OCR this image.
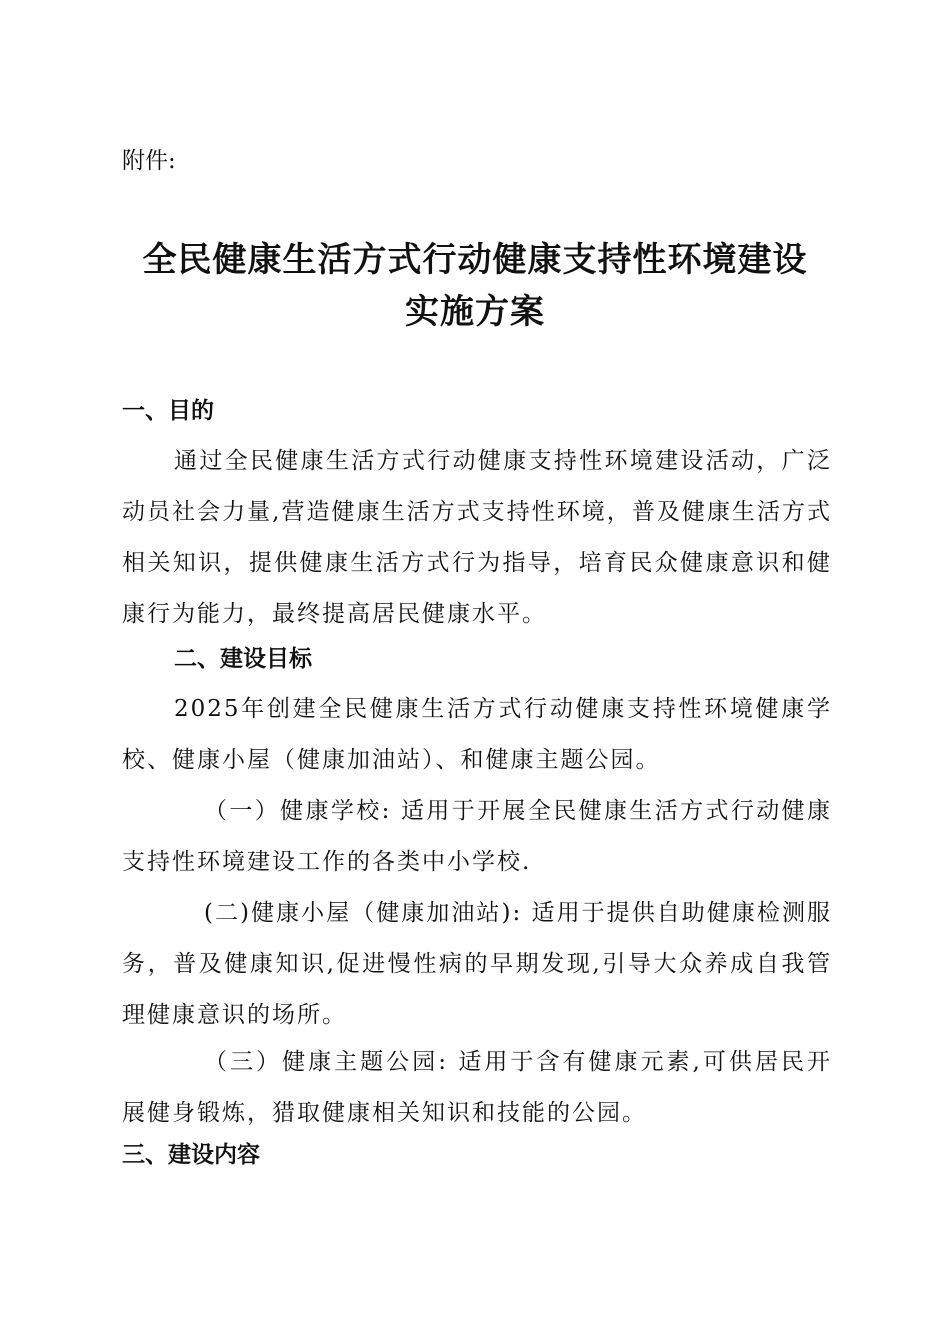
附件:
全民健康生活方式行动健康支持性环境建设
实施方案
一、目的
通过全民健康生活方式行动健康支持性环境建设活动，广泛动员社会力量,营造健康生活方式支持性环境，普及健康生活方式相关知识，提供健康生活方式行为指导，培育民众健康意识和健康行为能力，最终提高居民健康水平。
二、建设目标
2025年创建全民健康生活方式行动健康支持性环境健康学校、健康小屋（健康加油站）、和健康主题公园。
（一）健康学校: 适用于开展全民健康生活方式行动健康支持性环境建设工作的各类中小学校.
(二)健康小屋（健康加油站): 适用于提供自助健康检测服务，普及健康知识,促进慢性病的早期发现,引导大众养成自我管理健康意识的场所。
（三）健康主题公园: 适用于含有健康元素,可供居民开展健身锻炼，猎取健康相关知识和技能的公园。
三、建设内容
